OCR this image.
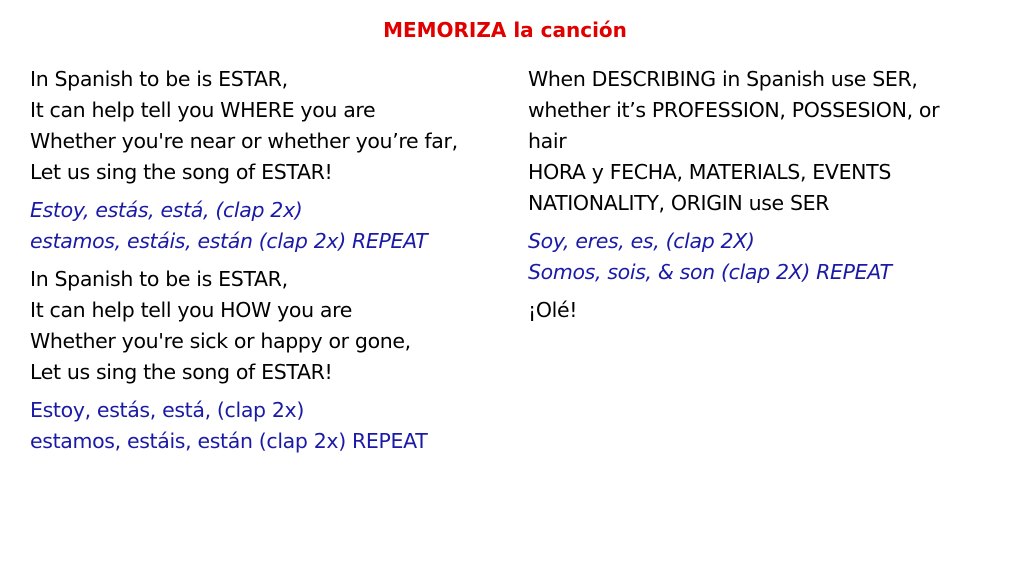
MEMORIZA la canción
In Spanish to be is ESTAR,
It can help tell you WHERE you are
Whether you're near or whether you’re far,
Let us sing the song of ESTAR!
Estoy, estás, está, (clap 2x)
estamos, estáis, están (clap 2x) REPEAT
In Spanish to be is ESTAR,
It can help tell you HOW you are
Whether you're sick or happy or gone,
Let us sing the song of ESTAR!
Estoy, estás, está, (clap 2x)
estamos, estáis, están (clap 2x) REPEAT
When DESCRIBING in Spanish use SER,
whether it’s PROFESSION, POSSESION, or
hair
HORA y FECHA, MATERIALS, EVENTS
NATIONALITY, ORIGIN use SER
Soy, eres, es, (clap 2X)
Somos, sois, & son (clap 2X) REPEAT
¡Olé!
